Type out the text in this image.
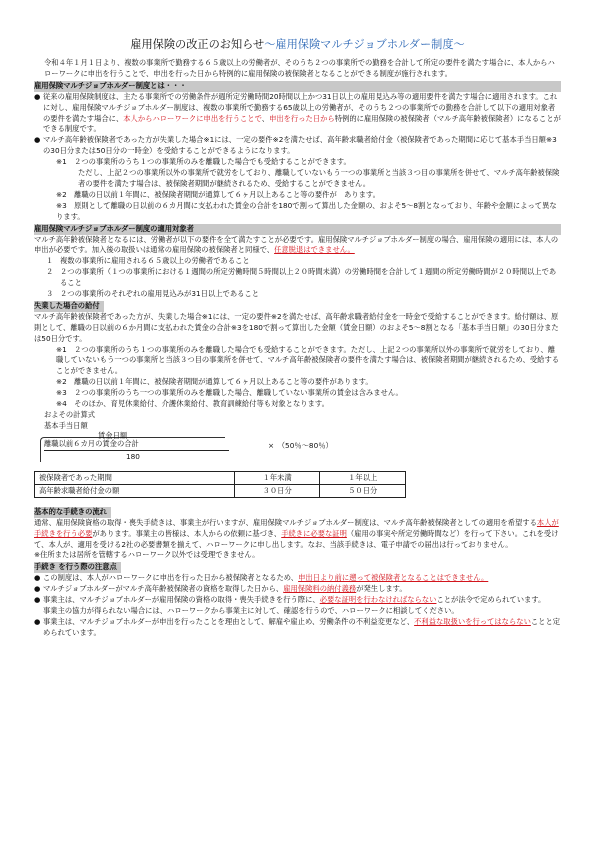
雇用保険の改正のお知らせ〜雇用保険マルチジョブホルダー制度〜

令和４年１月１日より、複数の事業所で勤務する６５歳以上の労働者が、そのうち２つの事業所での勤務を合計して所定の要件を満たす場合に、本人からハローワークに申出を行うことで、申出を行った日から特例的に雇用保険の被保険者となることができる制度が施行されます。

雇用保険マルチジョブホルダー制度とは・・・
● 従来の雇用保険制度は、主たる事業所での労働条件が週所定労働時間20時間以上かつ31日以上の雇用見込み等の適用要件を満たす場合に適用されます。これに対し、雇用保険マルチジョブホルダー制度は、複数の事業所で勤務する65歳以上の労働者が、そのうち２つの事業所での勤務を合計して以下の適用対象者の要件を満たす場合に、本人からハローワークに申出を行うことで、申出を行った日から特例的に雇用保険の被保険者（マルチ高年齢被保険者）になることができる制度です。

● マルチ高年齢被保険者であった方が失業した場合※1には、一定の要件※2を満たせば、高年齢求職者給付金（被保険者であった期間に応じて基本手当日額※3の30日分または50日分の一時金）を受給することができるようになります。

※1　 ２つの事業所のうち１つの事業所のみを離職した場合でも受給することができます。

ただし、上記２つの事業所以外の事業所で就労をしており、離職していないもう一つの事業所と当該３つ目の事業所を併せて、マルチ高年齢被保険者の要件を満たす場合は、被保険者期間が継続されるため、受給することができません。

※2　 離職の日以前１年間に、被保険者期間が通算して６ヶ月以上あること等の要件が　あります。

※3　 原則として離職の日以前の６カ月間に支払われた賃金の合計を180で割って算出した金額の、およそ5〜8割となっており、年齢や金額によって異なります。

雇用保険マルチジョブホルダー制度の適用対象者

マルチ高年齢被保険者となるには、労働者が以下の要件を全て満たすことが必要です。雇用保険マルチジョブホルダー制度の場合、雇用保険の適用には、本人の申出が必要です。加入後の取扱いは通常の雇用保険の被保険者と同様で、任意脱退はできません。

１ 複数の事業所に雇用される６５歳以上の労働者であること

２ ２つの事業所（１つの事業所における１週間の所定労働時間５時間以上２０時間未満）の労働時間を合計して１週間の所定労働時間が２０時間以上であること

３ ２つの事業所のそれぞれの雇用見込みが31日以上であること

失業した場合の給付

マルチ高年齢被保険者であった方が、失業した場合※1には、一定の要件※2を満たせば、高年齢求職者給付金を一時金で受給することができます。給付額は、原則として、離職の日以前の６か月間に支払われた賃金の合計※3を180で割って算出した金額（賃金日額）のおよそ5〜8割となる「基本手当日額」の30日分または50日分です。

※1　 ２つの事業所のうち１つの事業所のみを離職した場合でも受給することができます。ただし、上記２つの事業所以外の事業所で就労をしており、離職していないもう一つの事業所と当該３つ目の事業所を併せて、マルチ高年齢被保険者の要件を満たす場合は、被保険者期間が継続されるため、受給することができません。

※2　 離職の日以前１年間に、被保険者期間が通算して６ヶ月以上あること等の要件があります。

※3　 ２つの事業所のうち一つの事業所のみを離職した場合、離職していない事業所の賃金は含みません。

※4　 そのほか、育児休業給付、介護休業給付、教育訓練給付等も対象となります。

およその計算式

基本手当日額

賃金日額
離職以前６カ月の賃金の合計
180
×　（50％〜80％）
被保険者であった期間	１年未満	１年以上
高年齢求職者給付金の額	３０日分	５０日分
基本的な手続きの流れ

通常、雇用保険資格の取得・喪失手続きは、事業主が行いますが、雇用保険マルチジョブホルダー制度は、マルチ高年齢被保険者としての適用を希望する本人が手続きを行う必要があります。事業主の皆様は、本人からの依頼に基づき、手続きに必要な証明（雇用の事実や所定労働時間など）を行って下さい。これを受けて、本人が、適用を受ける2社の必要書類を揃えて、ハローワークに申し出します。なお、当該手続きは、電子申請での届出は行っておりません。

※住所または居所を管轄するハローワーク以外では受理できません。

手続き を行う際の注意点
● この制度は、本人がハローワークに申出を行った日から被保険者となるため、申出日より前に遡って被保険者となることはできません。

● マルチジョブホルダーがマルチ高年齢被保険者の資格を取得した日から、雇用保険料の納付義務が発生します。

● 事業主は、マルチジョブホルダーが雇用保険の資格の取得・喪失手続きを行う際に、必要な証明を行わなければならないことが法令で定められています。

事業主の協力が得られない場合には、ハローワークから事業主に対して、確認を行うので、ハローワークに相談してください。

● 事業主は、マルチジョブホルダーが申出を行ったことを理由として、解雇や雇止め、労働条件の不利益変更など、不利益な取扱いを行ってはならないことと定められています。
